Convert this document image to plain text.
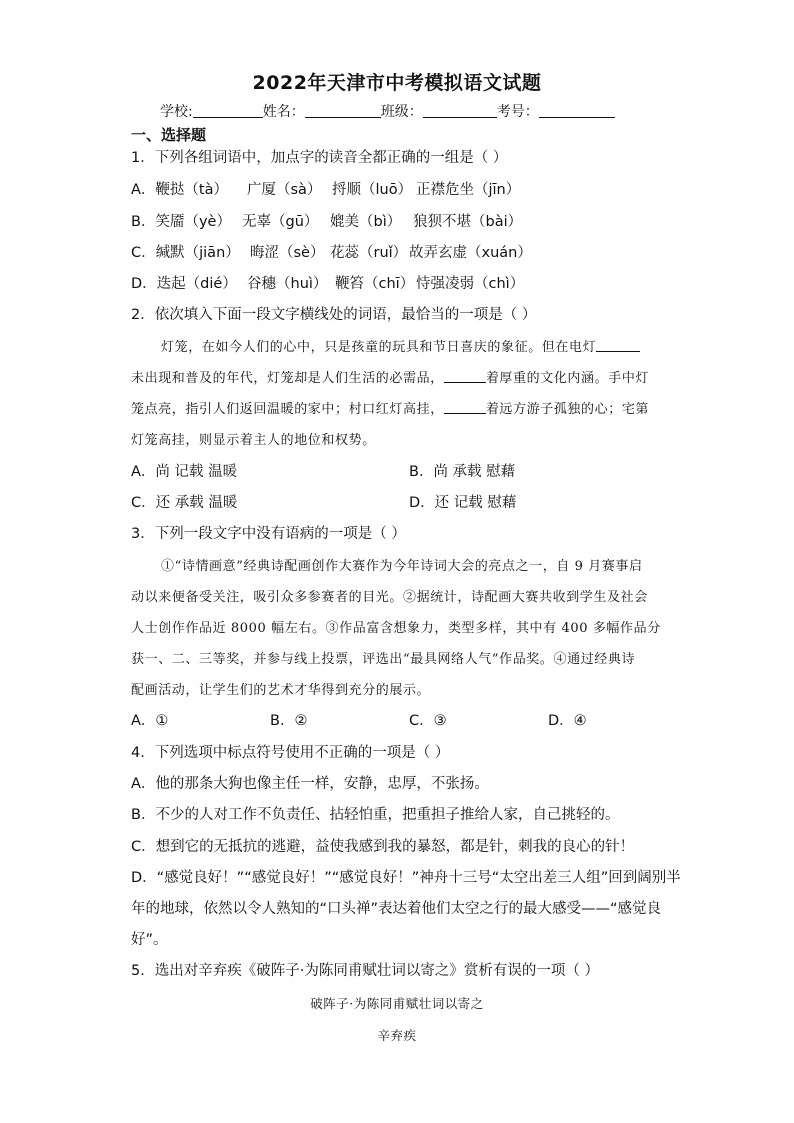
2022年天津市中考模拟语文试题
学校:	姓名：	班级：	考号：
一、选择题
1．下列各组词语中，加点字的读音全都正确的一组是（ ）
A．鞭挞（tà） 广厦（sà） 捋顺（luō） 正襟危坐（jīn）
B．笑靥（yè） 无辜（gū） 媲美（bì） 狼狈不堪（bài）
C．缄默（jiān） 晦涩（sè） 花蕊（ruǐ） 故弄玄虚（xuán）
D．迭起（dié） 谷穗（huì） 鞭笞（chī） 恃强凌弱（chì）
2．依次填入下面一段文字横线处的词语，最恰当的一项是（ ）
灯笼，在如今人们的心中，只是孩童的玩具和节日喜庆的象征。但在电灯
未出现和普及的年代，灯笼却是人们生活的必需品，	着厚重的文化内涵。手中灯
笼点亮，指引人们返回温暖的家中；村口红灯高挂，	着远方游子孤独的心；宅第
灯笼高挂，则显示着主人的地位和权势。
A．尚 记载 温暖	B．尚 承载 慰藉
C．还 承载 温暖	D．还 记载 慰藉
3．下列一段文字中没有语病的一项是（ ）
①“诗情画意”经典诗配画创作大赛作为今年诗词大会的亮点之一，自 9 月赛事启
动以来便备受关注，吸引众多参赛者的目光。②据统计，诗配画大赛共收到学生及社会
人士创作作品近 8000 幅左右。③作品富含想象力，类型多样，其中有 400 多幅作品分
获一、二、三等奖，并参与线上投票，评选出“最具网络人气”作品奖。④通过经典诗
配画活动，让学生们的艺术才华得到充分的展示。
A．①	B．②	C．③	D．④
4．下列选项中标点符号使用不正确的一项是（ ）
A．他的那条大狗也像主任一样，安静，忠厚，不张扬。
B．不少的人对工作不负责任、拈轻怕重，把重担子推给人家，自己挑轻的。
C．想到它的无抵抗的逃避，益使我感到我的暴怒，都是针，刺我的良心的针！
D．“感觉良好！”“感觉良好！”“感觉良好！”神舟十三号“太空出差三人组”回到阔别半
年的地球，依然以令人熟知的“口头禅”表达着他们太空之行的最大感受——“感觉良
好”。
5．选出对辛弃疾《破阵子·为陈同甫赋壮词以寄之》赏析有误的一项（ ）
破阵子·为陈同甫赋壮词以寄之
辛弃疾
